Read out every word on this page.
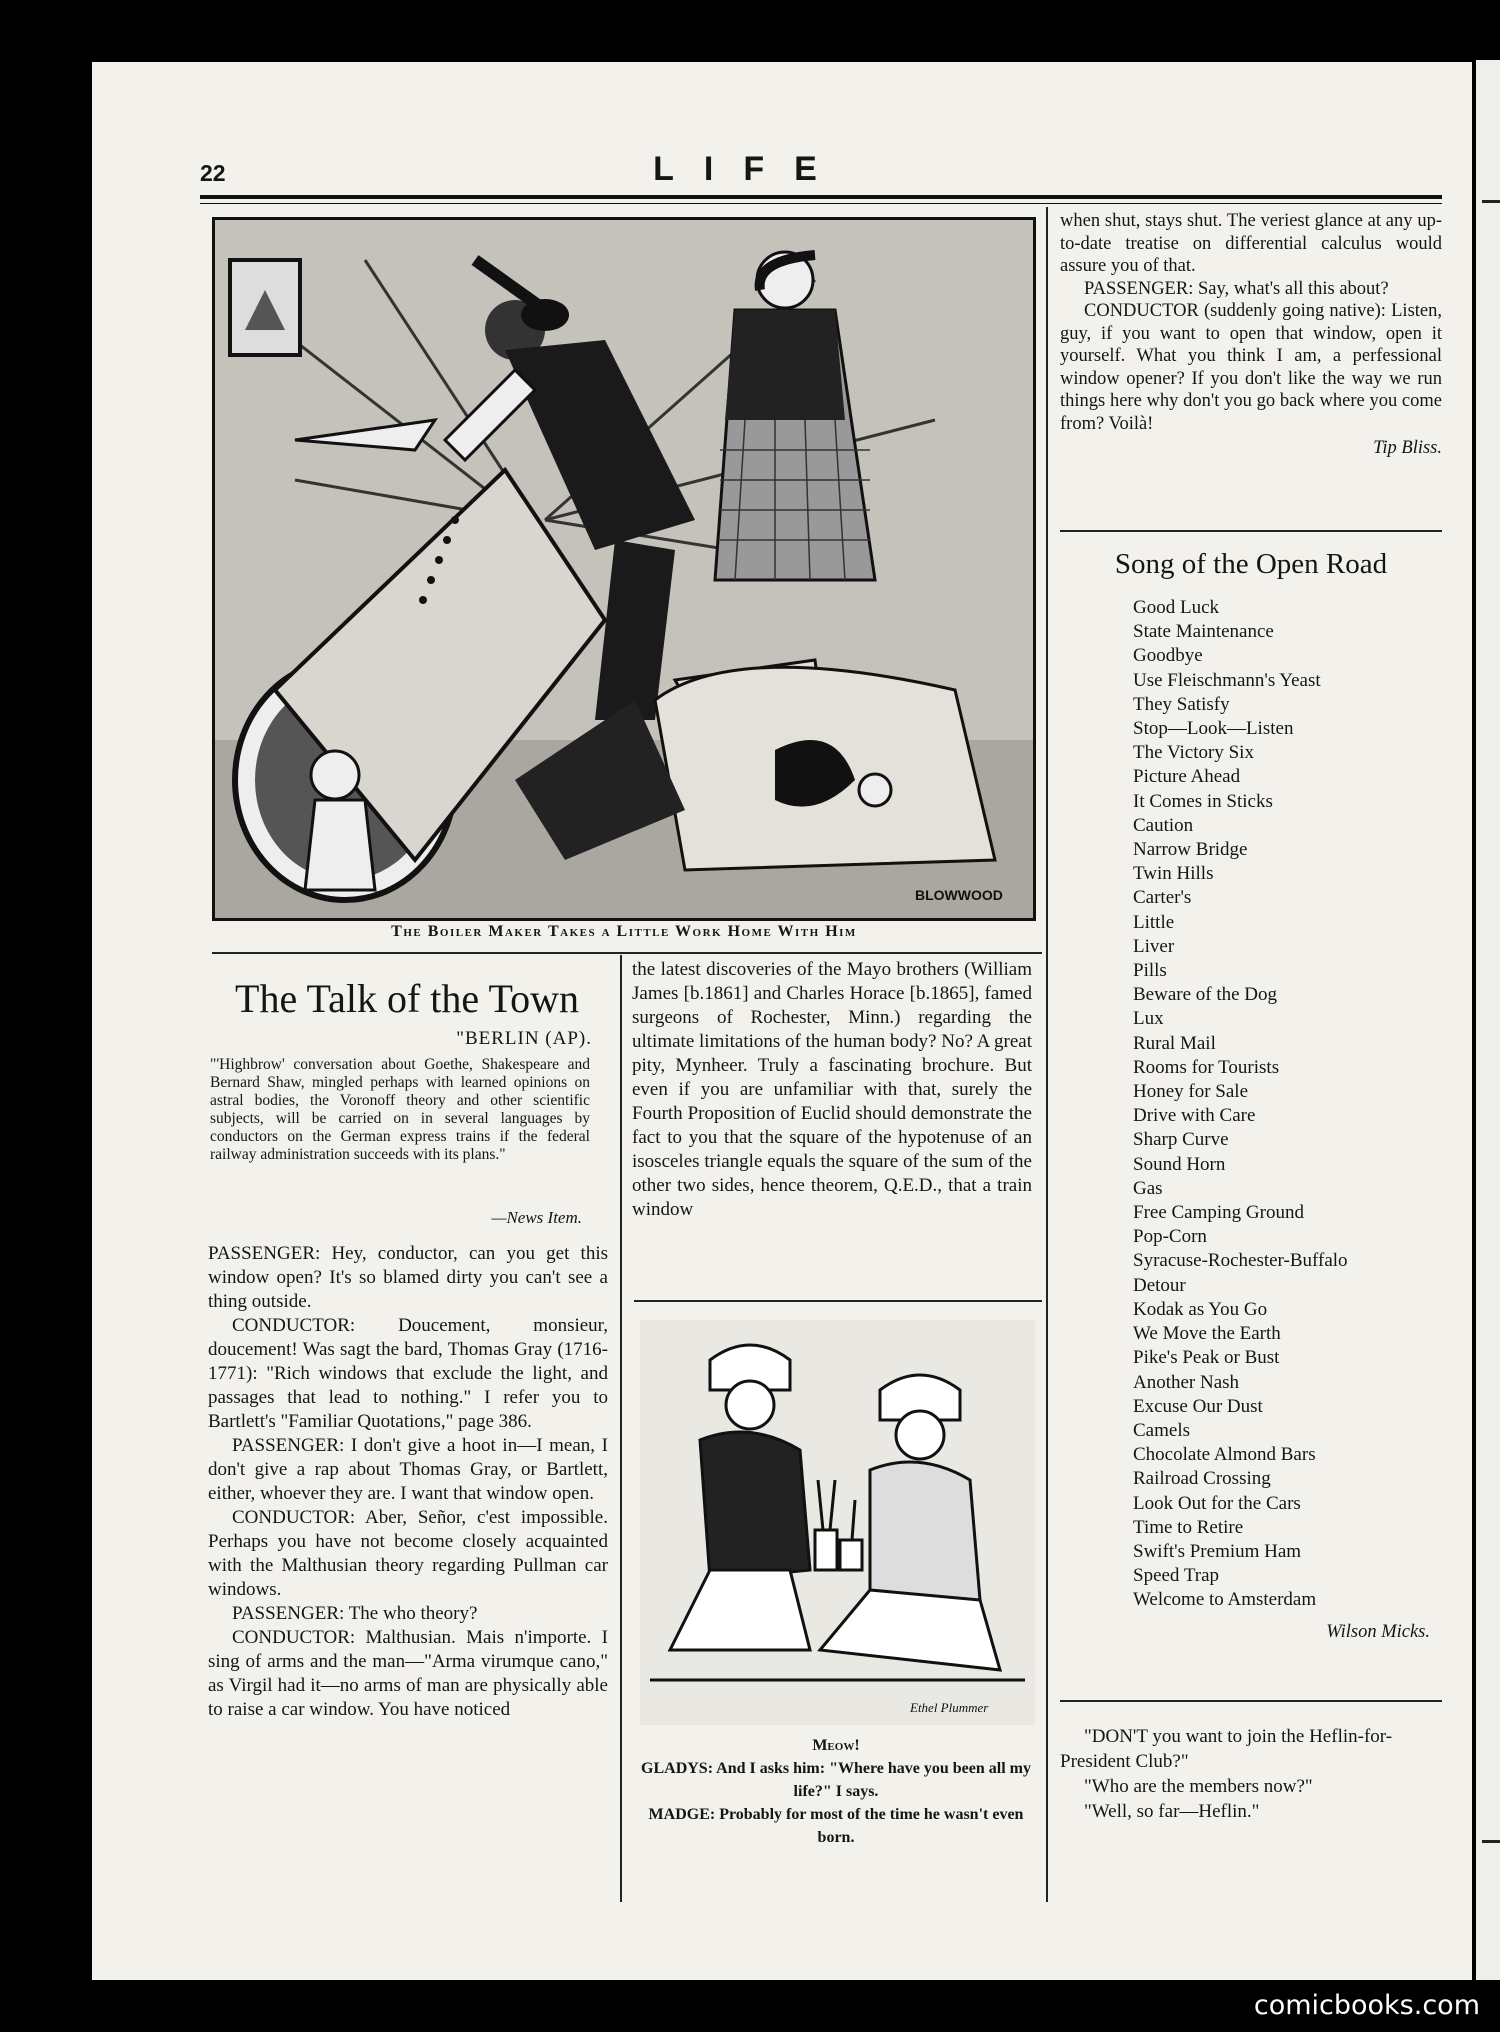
22	LIFE
BLOWWOOD
The Boiler Maker Takes a Little Work Home With Him
The Talk of the Town
"BERLIN (AP).
"'Highbrow' conversation about Goethe, Shakespeare and Bernard Shaw, mingled perhaps with learned opinions on astral bodies, the Voronoff theory and other scientific subjects, will be carried on in several languages by conductors on the German express trains if the federal railway administration succeeds with its plans."
—News Item.

PASSENGER: Hey, conductor, can you get this window open? It's so blamed dirty you can't see a thing outside.

CONDUCTOR: Doucement, monsieur, doucement! Was sagt the bard, Thomas Gray (1716-1771): "Rich windows that exclude the light, and passages that lead to nothing." I refer you to Bartlett's "Familiar Quotations," page 386.

PASSENGER: I don't give a hoot in—I mean, I don't give a rap about Thomas Gray, or Bartlett, either, whoever they are. I want that window open.

CONDUCTOR: Aber, Señor, c'est impossible. Perhaps you have not become closely acquainted with the Malthusian theory regarding Pullman car windows.

PASSENGER: The who theory?

CONDUCTOR: Malthusian. Mais n'importe. I sing of arms and the man—"Arma virumque cano," as Virgil had it—no arms of man are physically able to raise a car window. You have noticed

the latest discoveries of the Mayo brothers (William James [b.1861] and Charles Horace [b.1865], famed surgeons of Rochester, Minn.) regarding the ultimate limitations of the human body? No? A great pity, Mynheer. Truly a fascinating brochure. But even if you are unfamiliar with that, surely the Fourth Proposition of Euclid should demonstrate the fact to you that the square of the hypotenuse of an isosceles triangle equals the square of the sum of the other two sides, hence theorem, Q.E.D., that a train window

when shut, stays shut. The veriest glance at any up-to-date treatise on differential calculus would assure you of that.

PASSENGER: Say, what's all this about?

CONDUCTOR (suddenly going native): Listen, guy, if you want to open that window, open it yourself. What you think I am, a perfessional window opener? If you don't like the way we run things here why don't you go back where you come from? Voilà!

Tip Bliss.
Ethel Plummer
Meow!
GLADYS: And I asks him: "Where have you been all my life?" I says.
MADGE: Probably for most of the time he wasn't even born.
Song of the Open Road
Good Luck
State Maintenance
Goodbye
Use Fleischmann's Yeast
They Satisfy
Stop—Look—Listen
The Victory Six
Picture Ahead
It Comes in Sticks
Caution
Narrow Bridge
Twin Hills
Carter's
Little
Liver
Pills
Beware of the Dog
Lux
Rural Mail
Rooms for Tourists
Honey for Sale
Drive with Care
Sharp Curve
Sound Horn
Gas
Free Camping Ground
Pop-Corn
Syracuse-Rochester-Buffalo
Detour
Kodak as You Go
We Move the Earth
Pike's Peak or Bust
Another Nash
Excuse Our Dust
Camels
Chocolate Almond Bars
Railroad Crossing
Look Out for the Cars
Time to Retire
Swift's Premium Ham
Speed Trap
Welcome to Amsterdam
Wilson Micks.

"DON'T you want to join the Heflin-for-President Club?"

"Who are the members now?"

"Well, so far—Heflin."

comicbooks.com
